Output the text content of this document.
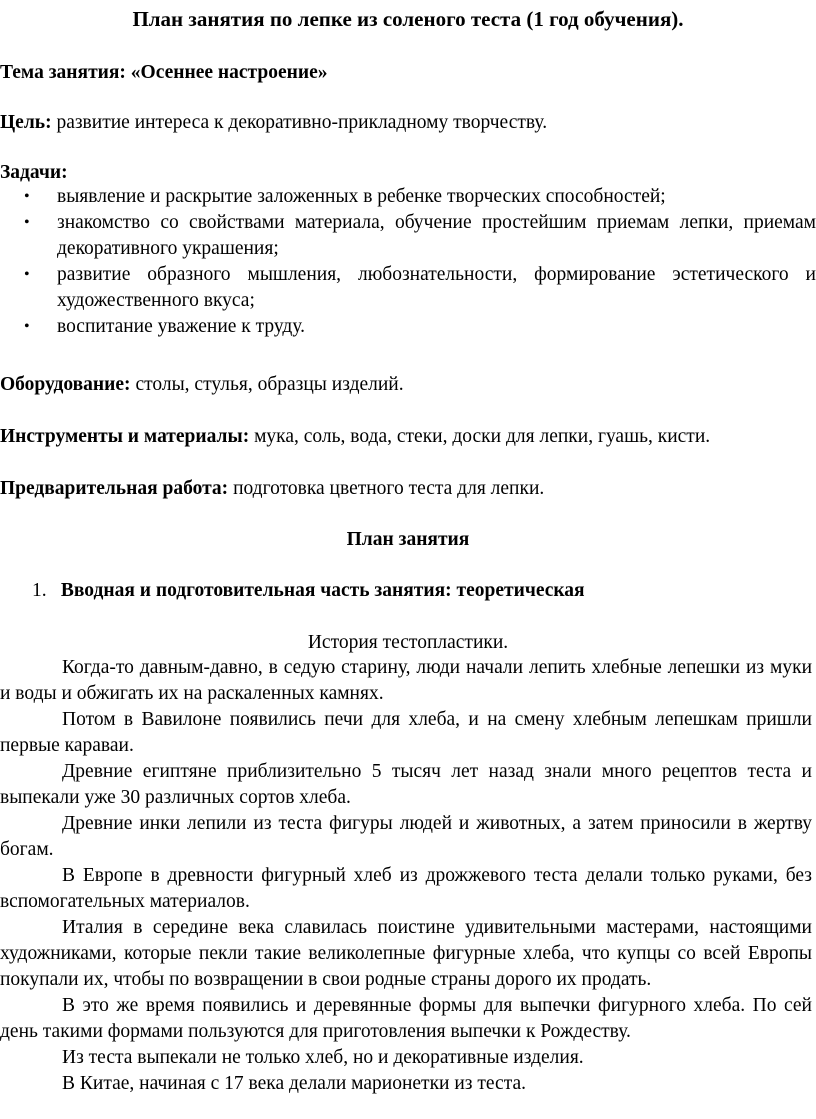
План занятия по лепке из соленого теста (1 год обучения).

Тема занятия: «Осеннее настроение»

Цель: развитие интереса к декоративно-прикладному творчеству.

Задачи:

• выявление и раскрытие заложенных в ребенке творческих способностей;
• знакомство со свойствами материала, обучение простейшим приемам лепки, приемам декоративного украшения;
• развитие образного мышления, любознательности, формирование эстетического и художественного вкуса;
• воспитание уважение к труду.

Оборудование: столы, стулья, образцы изделий.

Инструменты и материалы: мука, соль, вода, стеки, доски для лепки, гуашь, кисти.

Предварительная работа: подготовка цветного теста для лепки.

План занятия

1. Вводная и подготовительная часть занятия: теоретическая

История тестопластики.

Когда-то давным-давно, в седую старину, люди начали лепить хлебные лепешки из муки и воды и обжигать их на раскаленных камнях.

Потом в Вавилоне появились печи для хлеба, и на смену хлебным лепешкам пришли первые караваи.

Древние египтяне приблизительно 5 тысяч лет назад знали много рецептов теста и выпекали уже 30 различных сортов хлеба.

Древние инки лепили из теста фигуры людей и животных, а затем приносили в жертву богам.

В Европе в древности фигурный хлеб из дрожжевого теста делали только руками, без вспомогательных материалов.

Италия в середине века славилась поистине удивительными мастерами, настоящими художниками, которые пекли такие великолепные фигурные хлеба, что купцы со всей Европы покупали их, чтобы по возвращении в свои родные страны дорого их продать.

В это же время появились и деревянные формы для выпечки фигурного хлеба. По сей день такими формами пользуются для приготовления выпечки к Рождеству.

Из теста выпекали не только хлеб, но и декоративные изделия.

В Китае, начиная с 17 века делали марионетки из теста.
